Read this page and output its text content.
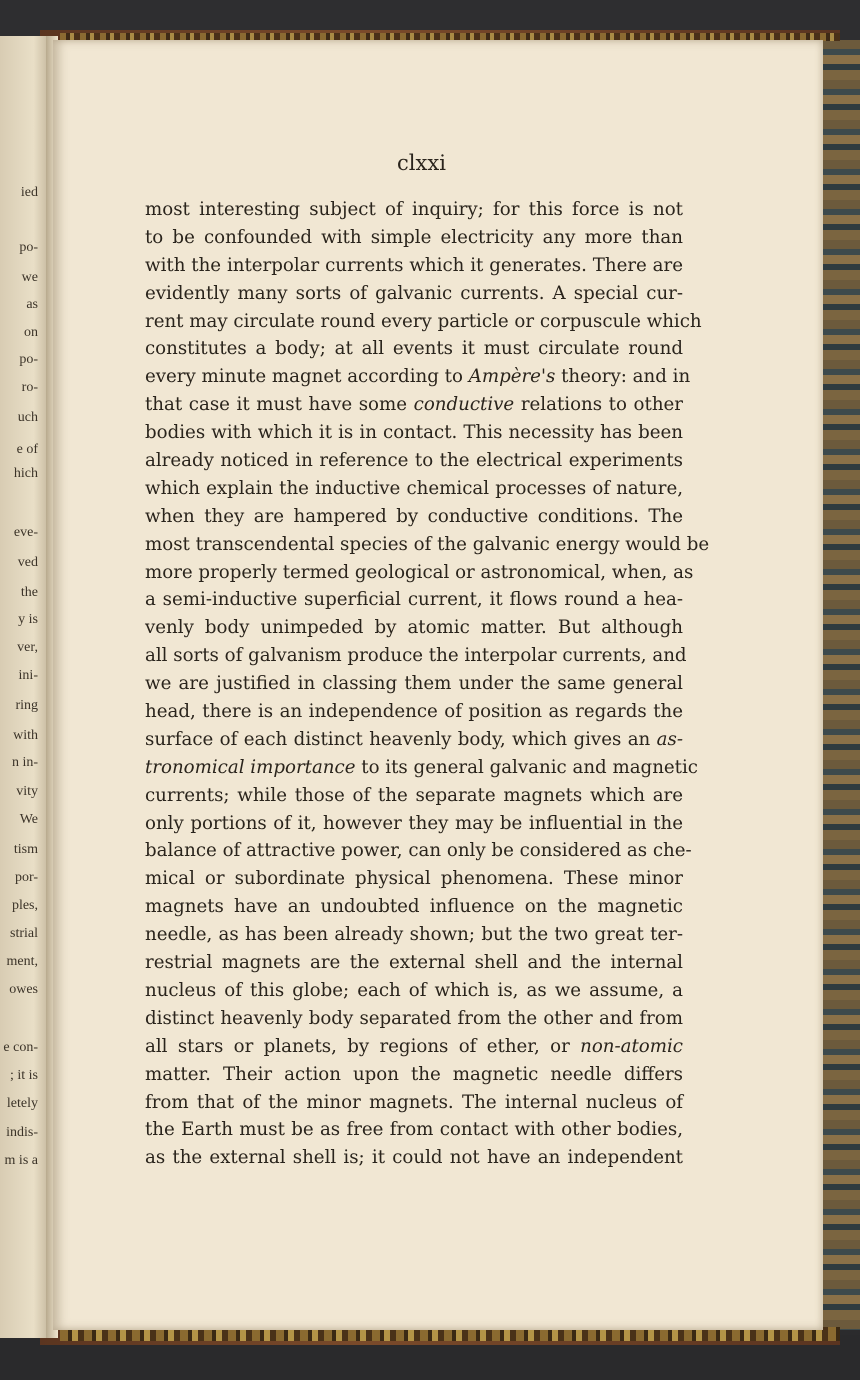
ied
po-
we
as
on
po-
ro-
uch
e of
hich
eve-
ved
the
y is
ver,
ini-
ring
with
n in-
vity
We
tism
por-
ples,
strial
ment,
owes
e con-
; it is
letely
indis-
m is a
clxxi
most interesting subject of inquiry; for this force is not
to be confounded with simple electricity any more than
with the interpolar currents which it generates. There are
evidently many sorts of galvanic currents. A special cur-
rent may circulate round every particle or corpuscule which
constitutes a body; at all events it must circulate round
every minute magnet according to Ampère's theory: and in
that case it must have some conductive relations to other
bodies with which it is in contact. This necessity has been
already noticed in reference to the electrical experiments
which explain the inductive chemical processes of nature,
when they are hampered by conductive conditions. The
most transcendental species of the galvanic energy would be
more properly termed geological or astronomical, when, as
a semi-inductive superficial current, it flows round a hea-
venly body unimpeded by atomic matter. But although
all sorts of galvanism produce the interpolar currents, and
we are justified in classing them under the same general
head, there is an independence of position as regards the
surface of each distinct heavenly body, which gives an as-
tronomical importance to its general galvanic and magnetic
currents; while those of the separate magnets which are
only portions of it, however they may be influential in the
balance of attractive power, can only be considered as che-
mical or subordinate physical phenomena. These minor
magnets have an undoubted influence on the magnetic
needle, as has been already shown; but the two great ter-
restrial magnets are the external shell and the internal
nucleus of this globe; each of which is, as we assume, a
distinct heavenly body separated from the other and from
all stars or planets, by regions of ether, or non-atomic
matter. Their action upon the magnetic needle differs
from that of the minor magnets. The internal nucleus of
the Earth must be as free from contact with other bodies,
as the external shell is; it could not have an independent
